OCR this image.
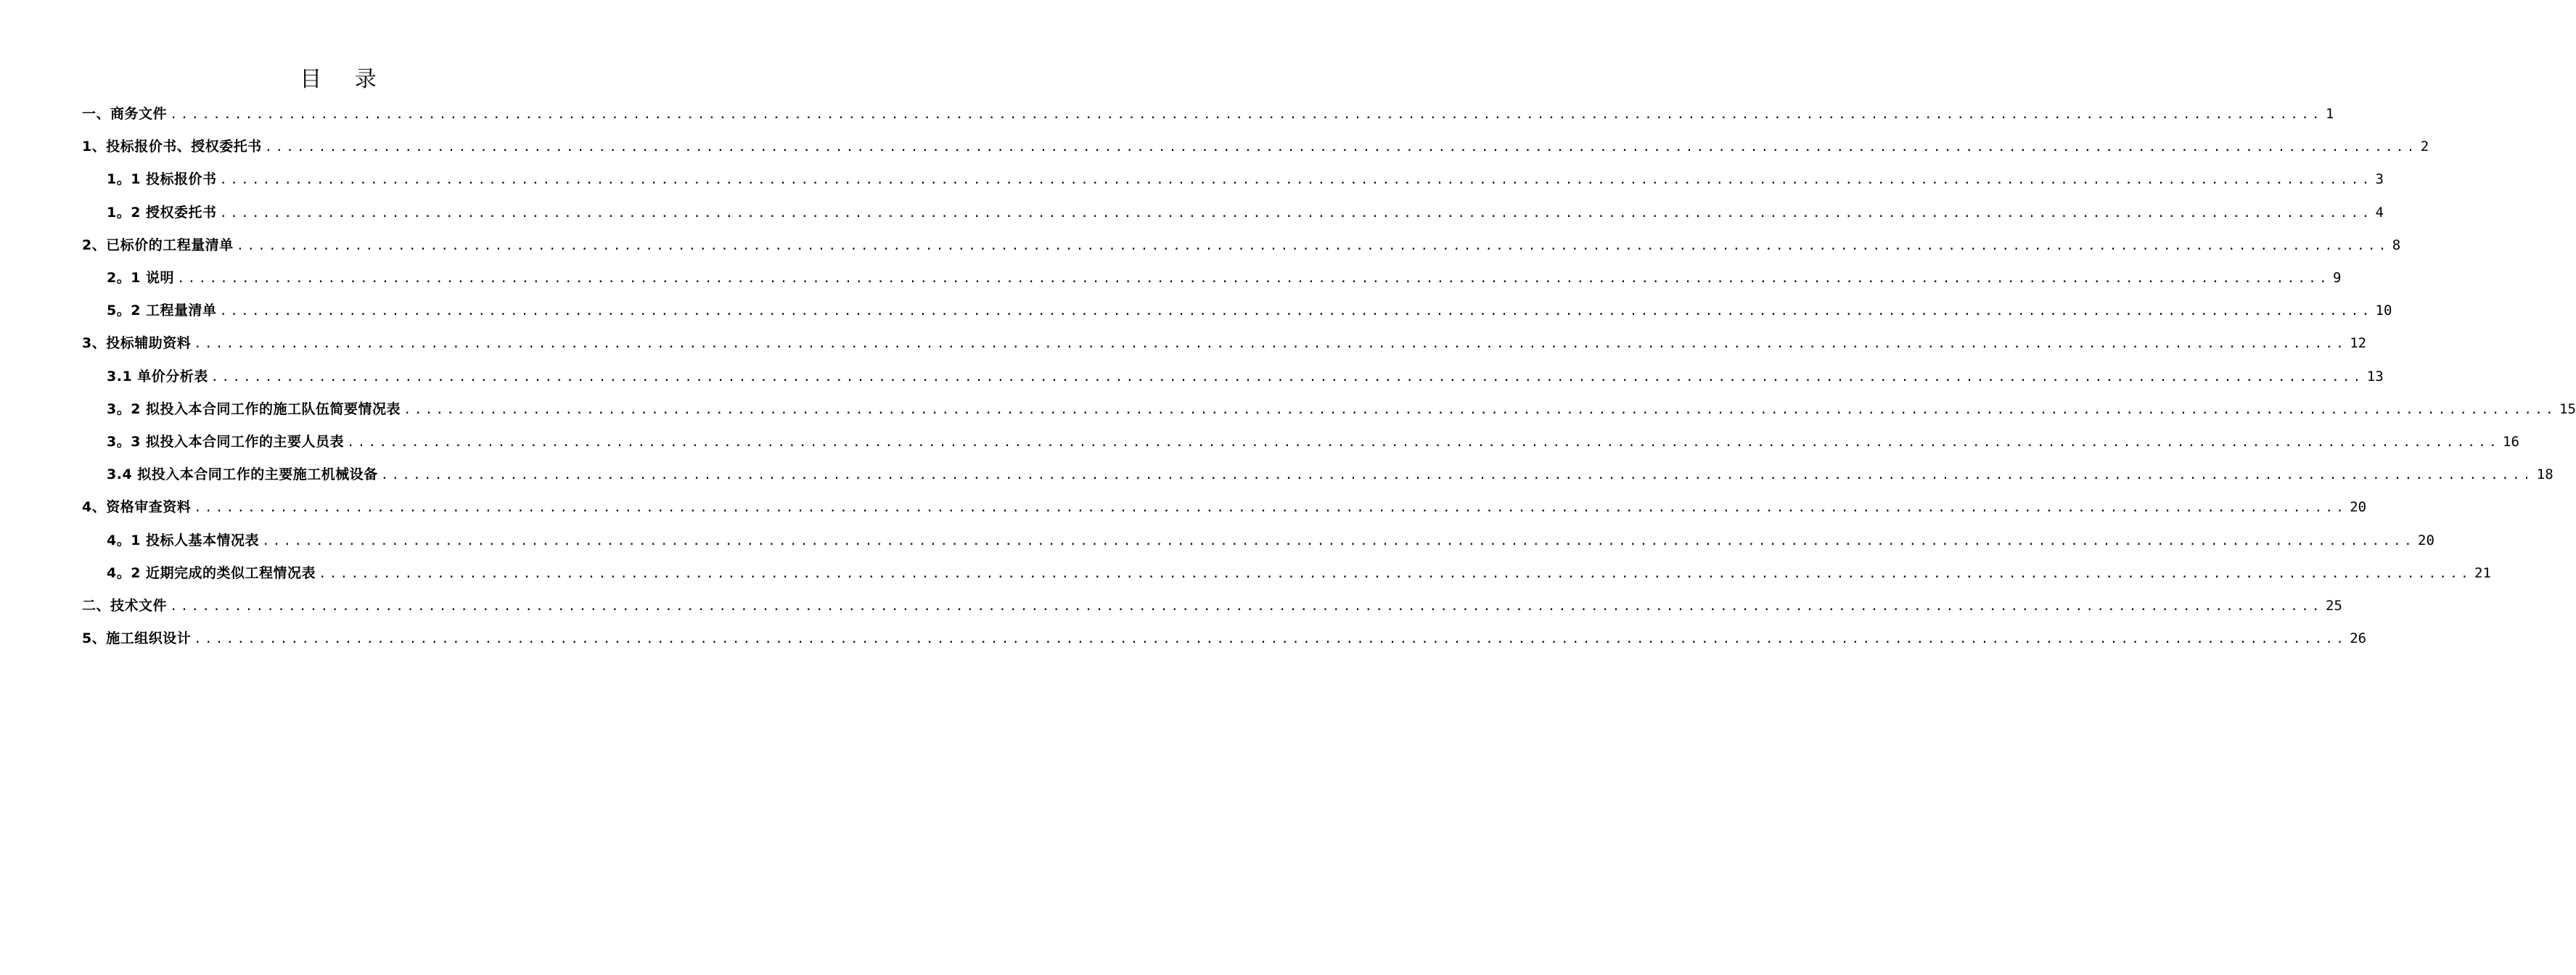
目 录
一、商务文件 ........................................................................................................................................................................................................ 1
1、投标报价书、授权委托书 ........................................................................................................................................................................................................ 2
1。1 投标报价书 ........................................................................................................................................................................................................ 3
1。2 授权委托书 ........................................................................................................................................................................................................ 4
2、已标价的工程量清单 ........................................................................................................................................................................................................ 8
2。1 说明 ........................................................................................................................................................................................................ 9
5。2 工程量清单 ........................................................................................................................................................................................................ 10
3、投标辅助资料 ........................................................................................................................................................................................................ 12
3.1 单价分析表 ........................................................................................................................................................................................................ 13
3。2 拟投入本合同工作的施工队伍简要情况表 ........................................................................................................................................................................................................ 15
3。3 拟投入本合同工作的主要人员表 ........................................................................................................................................................................................................ 16
3.4 拟投入本合同工作的主要施工机械设备 ........................................................................................................................................................................................................ 18
4、资格审查资料 ........................................................................................................................................................................................................ 20
4。1 投标人基本情况表 ........................................................................................................................................................................................................ 20
4。2 近期完成的类似工程情况表 ........................................................................................................................................................................................................ 21
二、技术文件 ........................................................................................................................................................................................................ 25
5、施工组织设计 ........................................................................................................................................................................................................ 26
